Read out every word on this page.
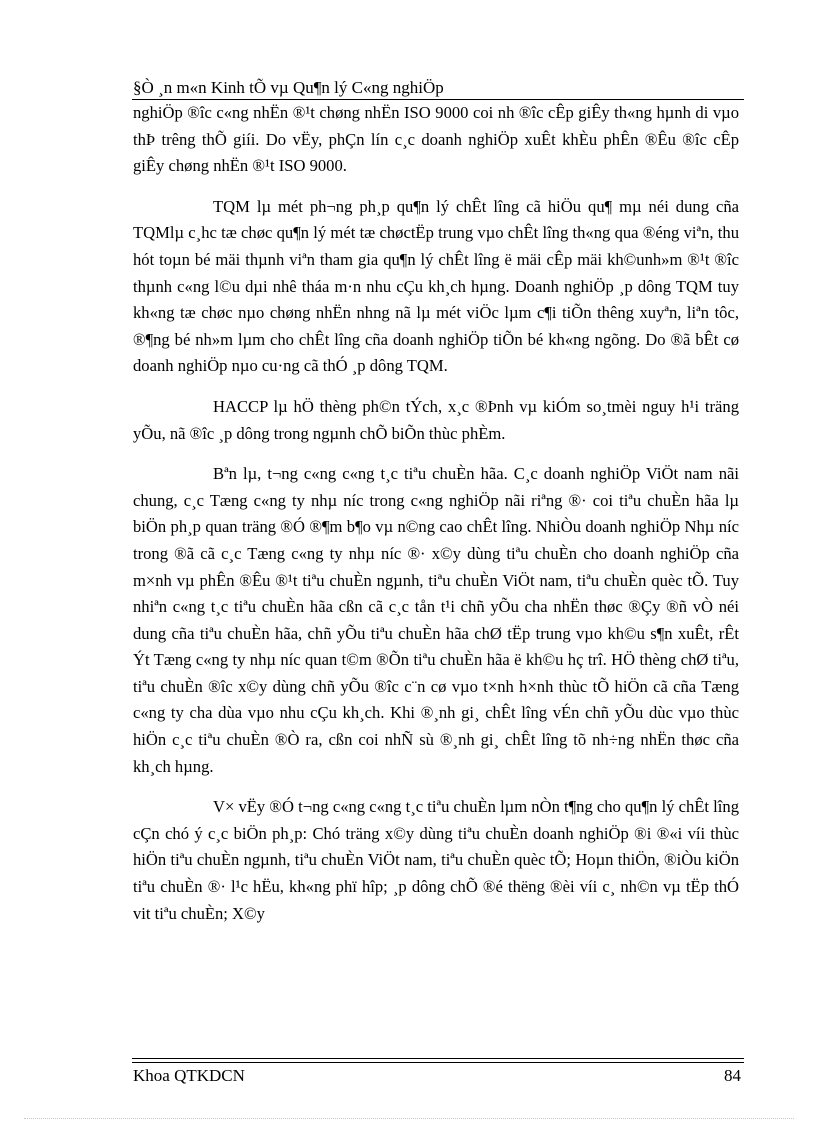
§Ò ¸n m«n Kinh tÕ vµ Qu¶n lý C«ng nghiÖp

nghiÖp ®îc c«ng nhËn ®¹t chøng nhËn ISO 9000 coi nh ®îc cÊp giÊy th«ng hµnh di vµo thÞ trêng thÕ giíi. Do vËy, phÇn lín c¸c doanh nghiÖp xuÊt khÈu phÊn ®Êu ®îc cÊp giÊy chøng nhËn ®¹t ISO 9000.

TQM lµ mét ph¬ng ph¸p qu¶n lý chÊt lîng cã hiÖu qu¶ mµ néi dung cña TQMlµ c¸hc tæ chøc qu¶n lý mét tæ chøctËp trung vµo chÊt lîng th«ng qua ®éng viªn, thu hót toµn bé mäi thµnh viªn tham gia qu¶n lý chÊt lîng ë mäi cÊp mäi kh©unh»m ®¹t ®îc thµnh c«ng l©u dµi nhê tháa m·n nhu cÇu kh¸ch hµng. Doanh nghiÖp ¸p dông TQM tuy kh«ng tæ chøc nµo chøng nhËn nhng nã lµ mét viÖc lµm c¶i tiÕn thêng xuyªn, liªn tôc, ®¶ng bé nh»m lµm cho chÊt lîng cña doanh nghiÖp tiÕn bé kh«ng ngõng. Do ®ã bÊt cø doanh nghiÖp nµo cu·ng cã thÓ ¸p dông TQM.

HACCP lµ hÖ thèng ph©n tÝch, x¸c ®Þnh vµ kiÓm so¸tmèi nguy h¹i träng yÕu, nã ®îc ¸p dông trong ngµnh chÕ biÕn thùc phÈm.

Bªn lµ, t¬ng c«ng c«ng t¸c tiªu chuÈn hãa. C¸c doanh nghiÖp ViÖt nam nãi chung, c¸c Tæng c«ng ty nhµ níc trong c«ng nghiÖp nãi riªng ®· coi tiªu chuÈn hãa lµ biÖn ph¸p quan träng ®Ó ®¶m b¶o vµ n©ng cao chÊt lîng. NhiÒu doanh nghiÖp Nhµ níc trong ®ã cã c¸c Tæng c«ng ty nhµ níc ®· x©y dùng tiªu chuÈn cho doanh nghiÖp cña m×nh vµ phÊn ®Êu ®¹t tiªu chuÈn ngµnh, tiªu chuÈn ViÖt nam, tiªu chuÈn quèc tÕ. Tuy nhiªn c«ng t¸c tiªu chuÈn hãa cßn cã c¸c tån t¹i chñ yÕu cha nhËn thøc ®Çy ®ñ vÒ néi dung cña tiªu chuÈn hãa, chñ yÕu tiªu chuÈn hãa chØ tËp trung vµo kh©u s¶n xuÊt, rÊt Ýt Tæng c«ng ty nhµ níc quan t©m ®Õn tiªu chuÈn hãa ë kh©u hç trî. HÖ thèng chØ tiªu, tiªu chuÈn ®îc x©y dùng chñ yÕu ®îc c¨n cø vµo t×nh h×nh thùc tÕ hiÖn cã cña Tæng c«ng ty cha dùa vµo nhu cÇu kh¸ch. Khi ®¸nh gi¸ chÊt lîng vÉn chñ yÕu dùc vµo thùc hiÖn c¸c tiªu chuÈn ®Ò ra, cßn coi nhÑ sù ®¸nh gi¸ chÊt lîng tõ nh÷ng nhËn thøc cña kh¸ch hµng.

V× vËy ®Ó t¬ng c«ng c«ng t¸c tiªu chuÈn lµm nÒn t¶ng cho qu¶n lý chÊt lîng cÇn chó ý c¸c biÖn ph¸p: Chó träng x©y dùng tiªu chuÈn doanh nghiÖp ®i ®«i víi thùc hiÖn tiªu chuÈn ngµnh, tiªu chuÈn ViÖt nam, tiªu chuÈn quèc tÕ; Hoµn thiÖn, ®iÒu kiÖn tiªu chuÈn ®· l¹c hËu, kh«ng phï hîp; ¸p dông chÕ ®é thëng ®èi víi c¸ nh©n vµ tËp thÓ vit tiªu chuÈn; X©y

Khoa QTKDCN	84
